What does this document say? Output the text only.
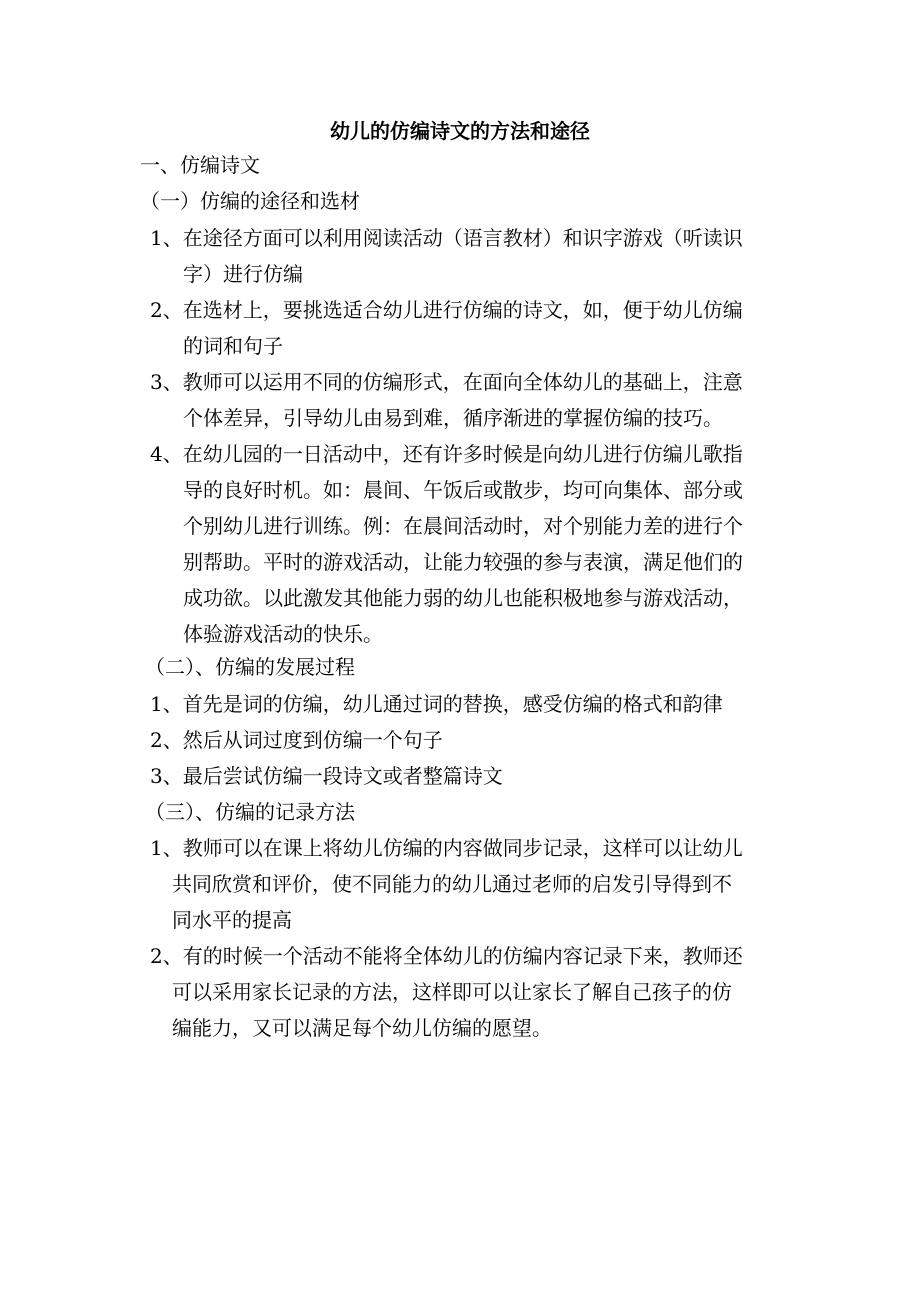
幼儿的仿编诗文的方法和途径
一、仿编诗文
（一）仿编的途径和选材
1、在途径方面可以利用阅读活动（语言教材）和识字游戏（听读识
字）进行仿编
2、在选材上，要挑选适合幼儿进行仿编的诗文，如，便于幼儿仿编
的词和句子
3、教师可以运用不同的仿编形式，在面向全体幼儿的基础上，注意
个体差异，引导幼儿由易到难，循序渐进的掌握仿编的技巧。
4、在幼儿园的一日活动中，还有许多时候是向幼儿进行仿编儿歌指
导的良好时机。如：晨间、午饭后或散步，均可向集体、部分或
个别幼儿进行训练。例：在晨间活动时，对个别能力差的进行个
别帮助。平时的游戏活动，让能力较强的参与表演，满足他们的
成功欲。以此激发其他能力弱的幼儿也能积极地参与游戏活动，
体验游戏活动的快乐。
（二）、仿编的发展过程
1、首先是词的仿编，幼儿通过词的替换，感受仿编的格式和韵律
2、然后从词过度到仿编一个句子
3、最后尝试仿编一段诗文或者整篇诗文
（三）、仿编的记录方法
1、教师可以在课上将幼儿仿编的内容做同步记录，这样可以让幼儿
共同欣赏和评价，使不同能力的幼儿通过老师的启发引导得到不
同水平的提高
2、有的时候一个活动不能将全体幼儿的仿编内容记录下来，教师还
可以采用家长记录的方法，这样即可以让家长了解自己孩子的仿
编能力，又可以满足每个幼儿仿编的愿望。
